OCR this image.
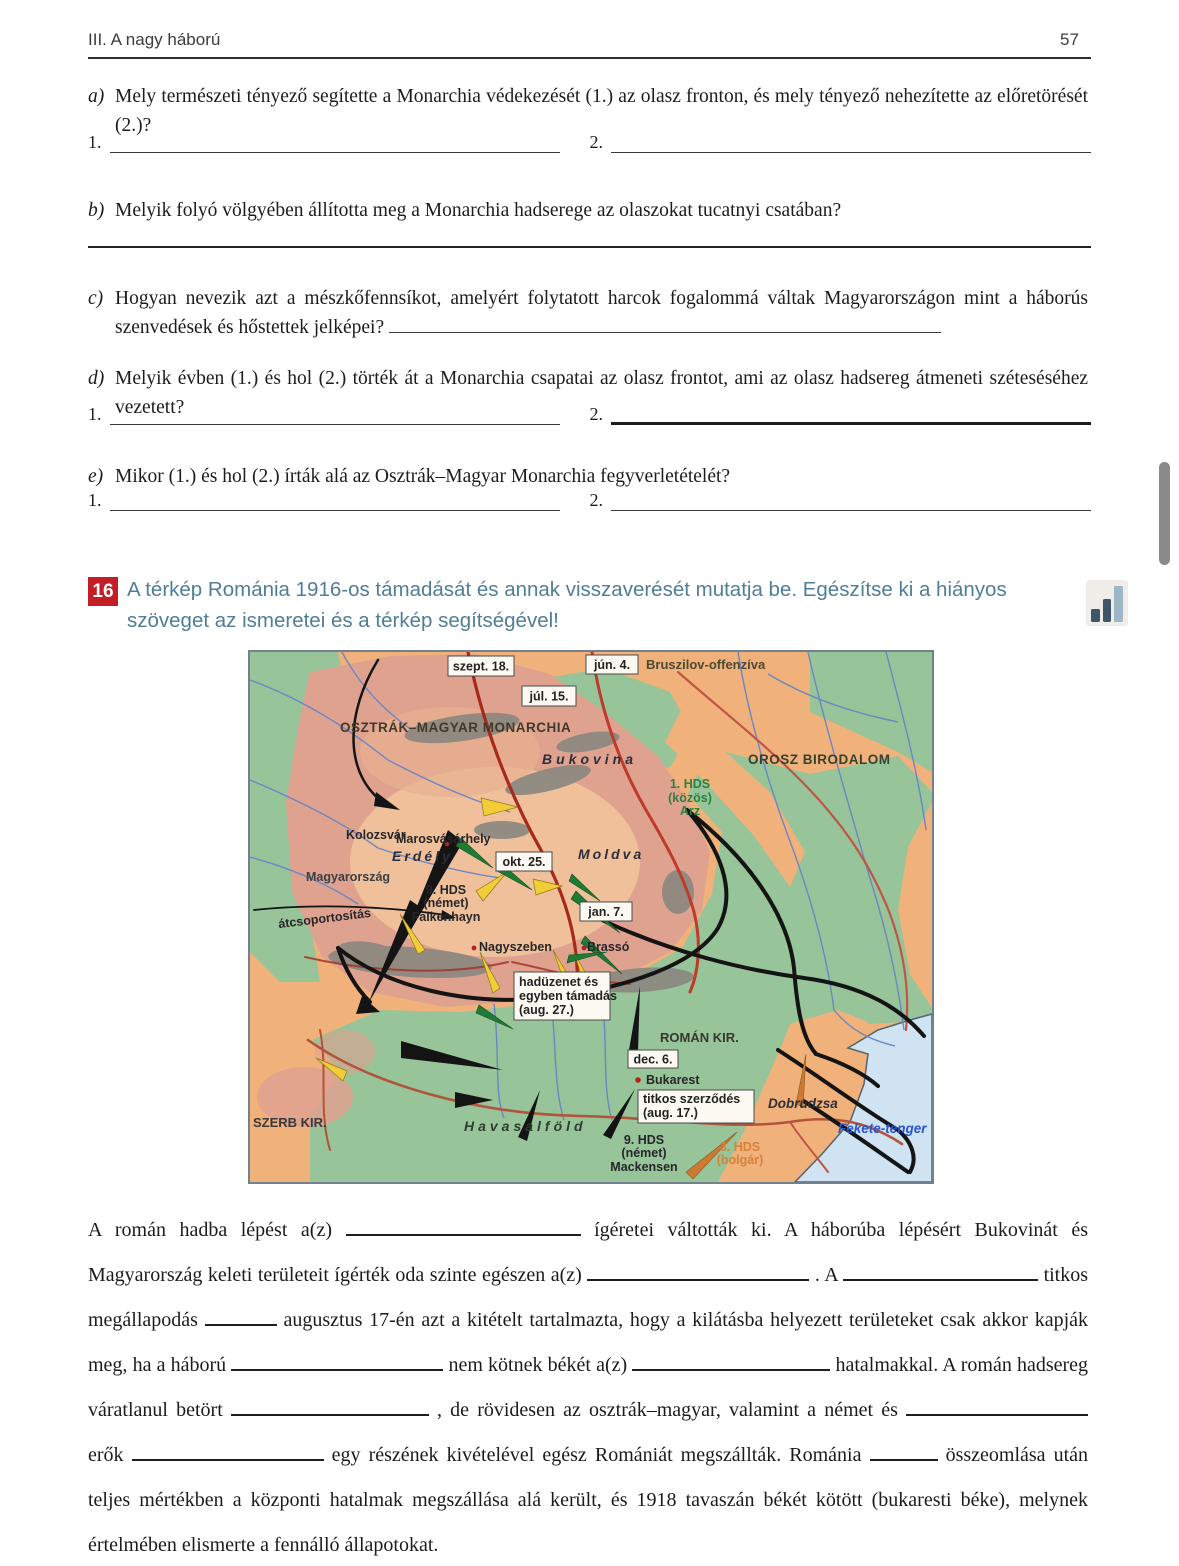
III. A nagy háború	57
a) Mely természeti tényező segítette a Monarchia védekezését (1.) az olasz fronton, és mely tényező nehezítette az előretörését (2.)?
1.	2.
b) Melyik folyó völgyében állította meg a Monarchia hadserege az olaszokat tucatnyi csatában?
c) Hogyan nevezik azt a mészkőfennsíkot, amelyért folytatott harcok fogalommá váltak Magyarországon mint a háborús szenvedések és hőstettek jelképei?
d) Melyik évben (1.) és hol (2.) törték át a Monarchia csapatai az olasz frontot, ami az olasz hadsereg átmeneti széteséséhez vezetett?
1.	2.
e) Mikor (1.) és hol (2.) írták alá az Osztrák–Magyar Monarchia fegyverletételét?
1.	2.
16 A térkép Románia 1916-os támadását és annak visszaverését mutatja be. Egészítse ki a hiányos szöveget az ismeretei és a térkép segítségével!
szept. 18.	jún. 4.
júl. 15.
okt. 25.
jan. 7.
dec. 6.
hadüzenet és
egyben támadás
(aug. 27.)
titkos szerződés
(aug. 17.)
Bruszilov-offenzíva
OSZTRÁK–MAGYAR MONARCHIA
Bukovina	OROSZ BIRODALOM
1. HDS
(közös)
Arz
Kolozsvár
Marosvásárhely
Erdély
Magyarország
Moldva
átcsoportosítás
9. HDS
(német)
Falkenhayn
Nagyszeben	Brassó
ROMÁN KIR.
Bukarest
Dobrudzsa
SZERB KIR.	Havasalföld
9. HDS
(német)
Mackensen
3. HDS
(bolgár)
Fekete-tenger
A román hadba lépést a(z)	ígéretei váltották ki. A háborúba lépésért Bukovinát és Magyarország keleti területeit ígérték oda szinte egészen a(z)	. A	titkos megállapodás	augusztus 17-én azt a kitételt tartalmazta, hogy a kilátásba helyezett területeket csak akkor kapják meg, ha a háború	nem kötnek békét a(z)	hatalmakkal. A román hadsereg váratlanul betört	, de rövidesen az osztrák–magyar, valamint a német és  erők	egy részének kivételével egész Romániát megszállták. Románia	összeomlása után teljes mértékben a központi hatalmak megszállása alá került, és 1918 tavaszán békét kötött (bukaresti béke), melynek értelmében elismerte a fennálló állapotokat.
